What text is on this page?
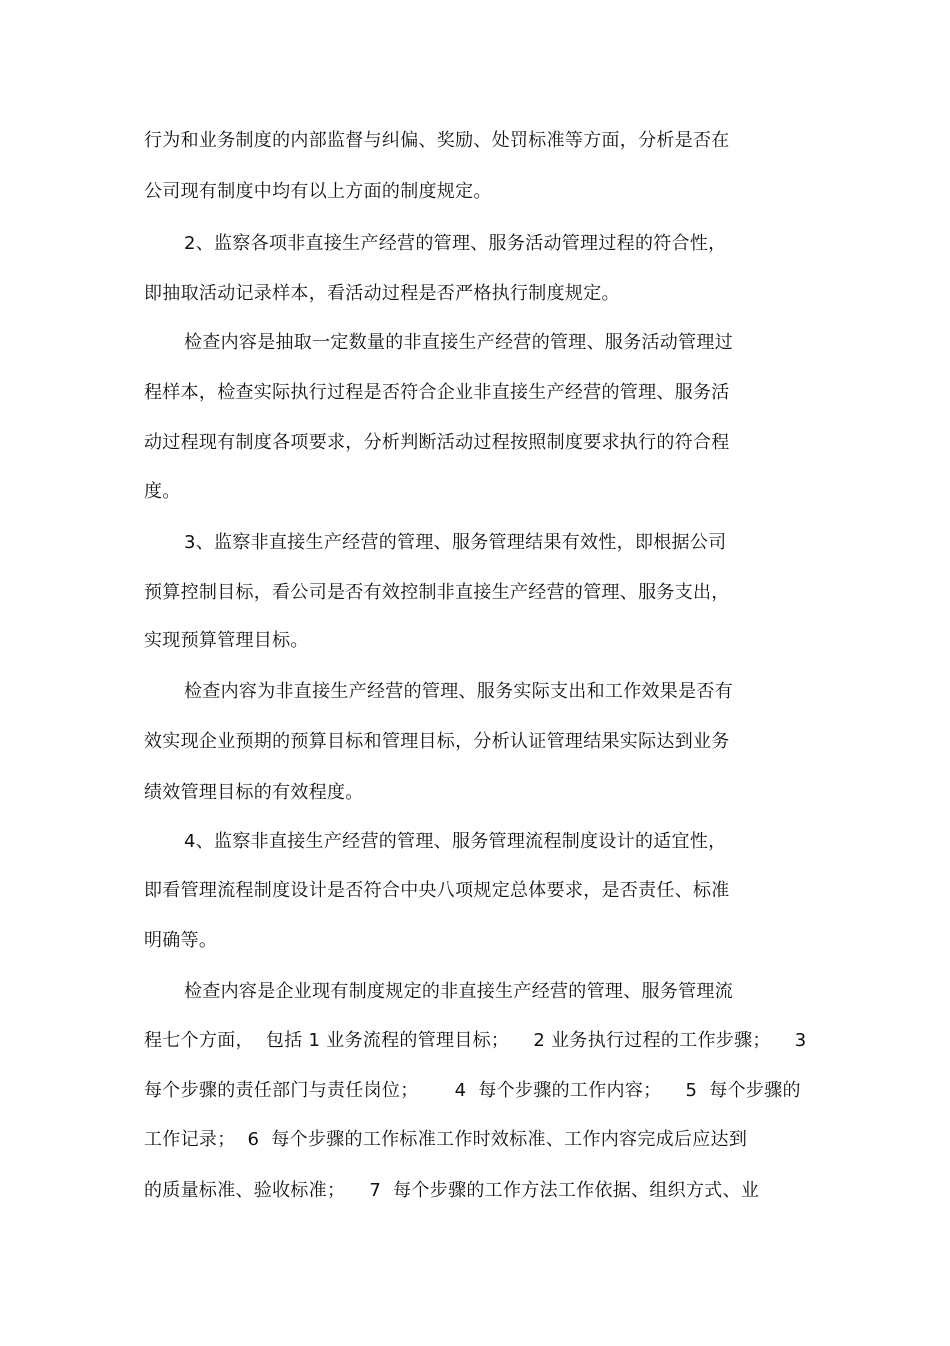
行为和业务制度的内部监督与纠偏、奖励、处罚标准等方面，分析是否在
公司现有制度中均有以上方面的制度规定。
2、监察各项非直接生产经营的管理、服务活动管理过程的符合性，
即抽取活动记录样本，看活动过程是否严格执行制度规定。
检查内容是抽取一定数量的非直接生产经营的管理、服务活动管理过
程样本，检查实际执行过程是否符合企业非直接生产经营的管理、服务活
动过程现有制度各项要求，分析判断活动过程按照制度要求执行的符合程
度。
3、监察非直接生产经营的管理、服务管理结果有效性，即根据公司
预算控制目标，看公司是否有效控制非直接生产经营的管理、服务支出，
实现预算管理目标。
检查内容为非直接生产经营的管理、服务实际支出和工作效果是否有
效实现企业预期的预算目标和管理目标，分析认证管理结果实际达到业务
绩效管理目标的有效程度。
4、监察非直接生产经营的管理、服务管理流程制度设计的适宜性，
即看管理流程制度设计是否符合中央八项规定总体要求，是否责任、标准
明确等。
检查内容是企业现有制度规定的非直接生产经营的管理、服务管理流
程七个方面，  包括 1 业务流程的管理目标；    2 业务执行过程的工作步骤；    3
每个步骤的责任部门与责任岗位；      4  每个步骤的工作内容；    5  每个步骤的
工作记录；  6  每个步骤的工作标准工作时效标准、工作内容完成后应达到
的质量标准、验收标准；    7  每个步骤的工作方法工作依据、组织方式、业
